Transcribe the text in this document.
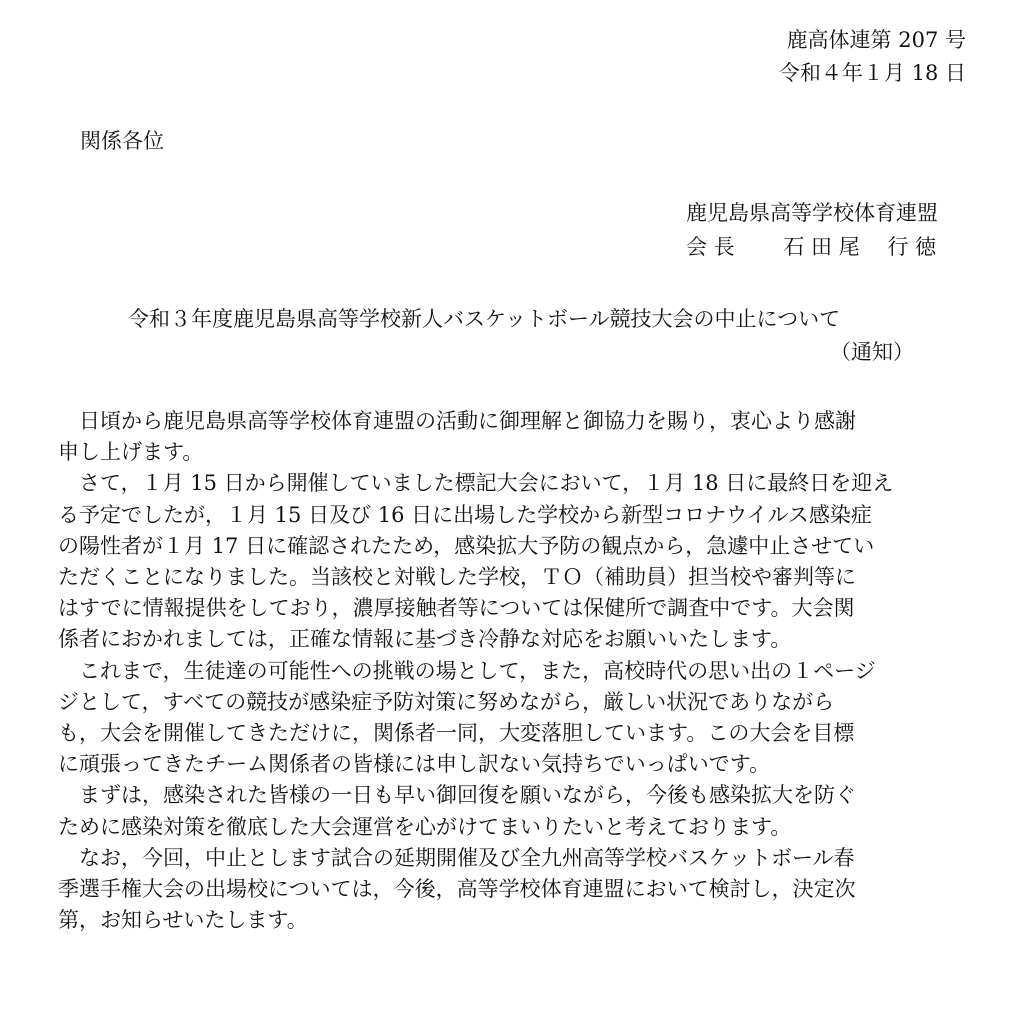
鹿高体連第 207 号
令和４年１月 18 日
関係各位
鹿児島県高等学校体育連盟
会 長　　 石 田 尾　 行 徳
令和３年度鹿児島県高等学校新人バスケットボール競技大会の中止について
（通知）

日頃から鹿児島県高等学校体育連盟の活動に御理解と御協力を賜り，衷心より感謝

申し上げます。

さて，１月 15 日から開催していました標記大会において，１月 18 日に最終日を迎え

る予定でしたが，１月 15 日及び 16 日に出場した学校から新型コロナウイルス感染症
の陽性者が１月 17 日に確認されたため，感染拡大予防の観点から，急遽中止させてい
ただくことになりました。当該校と対戦した学校，ＴＯ（補助員）担当校や審判等に
はすでに情報提供をしており，濃厚接触者等については保健所で調査中です。大会関
係者におかれましては，正確な情報に基づき冷静な対応をお願いいたします。

これまで，生徒達の可能性への挑戦の場として，また，高校時代の思い出の１ページ

ジとして，すべての競技が感染症予防対策に努めながら，厳しい状況でありながら
も，大会を開催してきただけに，関係者一同，大変落胆しています。この大会を目標
に頑張ってきたチーム関係者の皆様には申し訳ない気持ちでいっぱいです。

まずは，感染された皆様の一日も早い御回復を願いながら，今後も感染拡大を防ぐ

ために感染対策を徹底した大会運営を心がけてまいりたいと考えております。

なお，今回，中止とします試合の延期開催及び全九州高等学校バスケットボール春

季選手権大会の出場校については，今後，高等学校体育連盟において検討し，決定次
第，お知らせいたします。
